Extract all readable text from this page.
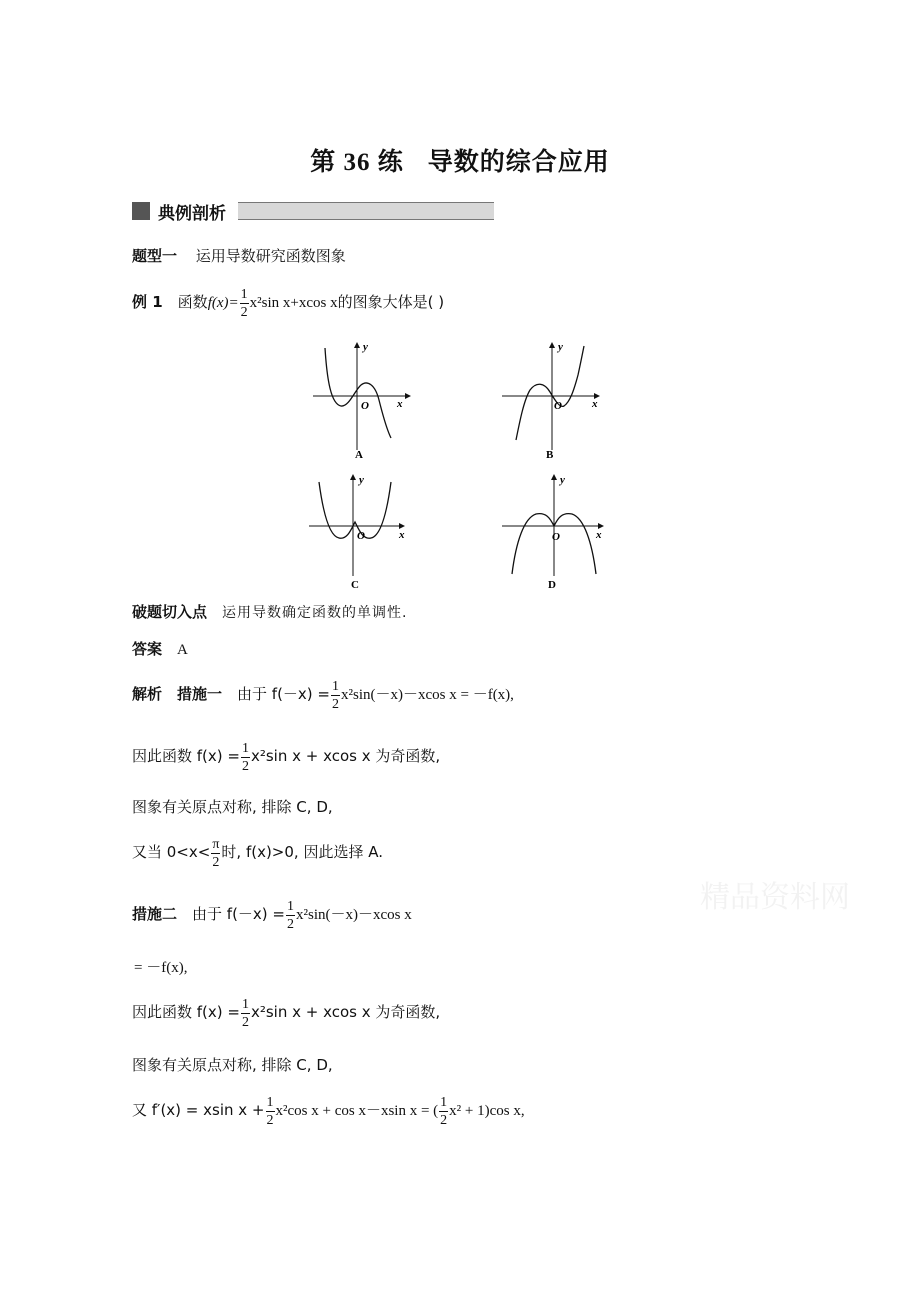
第 36 练 导数的综合应用
典例剖析
题型一 运用导数研究函数图象
例 1 函数$f(x)= \frac{1}{2} x^2\sin$ x+xcos x的图象大体是( )
y
x
O
A
y
x
O
B
y
x
O
C
y
x
O
D
破题切入点 运用导数确定函数的单调性.
答案 A
解析 措施一 由于 $f(-x) = \frac{1}{2} x^2\sin(-x)-xcos$ x = －f(x),
因此函数 $f(x) = \frac{1}{2} x^2\sin$ x + xcos x 为奇函数,
图象有关原点对称, 排除 C, D,
又当 $0<x< \frac{\pi}{2}$ 时, f(x)>0, 因此选择 A.
精品资料网
措施二 由于 $f(-x) = \frac{1}{2} x^2\sin(-x)-xcos$ x
= －f(x),
因此函数 $f(x) = \frac{1}{2} x^2\sin$ x + xcos x 为奇函数,
图象有关原点对称, 排除 C, D,
又 f′(x) = xsin $x + \frac{1}{2} x^2\cos$ x + cos x－xsin x = ( $\frac{1}{2} x^2 + 1)\cos$ x,
